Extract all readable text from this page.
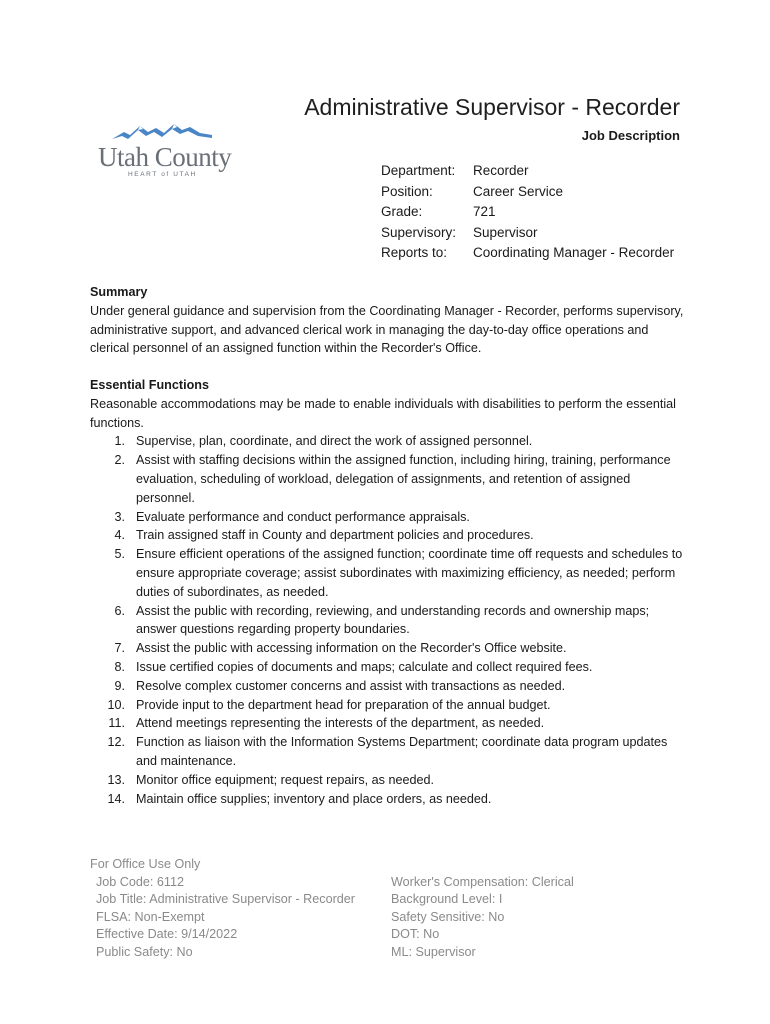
Utah County
HEART of UTAH
Administrative Supervisor - Recorder
Job Description
Department: Recorder
Position:	Career Service
Grade:	721
Supervisory: Supervisor
Reports to: Coordinating Manager - Recorder
Summary
Under general guidance and supervision from the Coordinating Manager - Recorder, performs supervisory, administrative support, and advanced clerical work in managing the day-to-day office operations and clerical personnel of an assigned function within the Recorder's Office.
Essential Functions
Reasonable accommodations may be made to enable individuals with disabilities to perform the essential functions.
1. Supervise, plan, coordinate, and direct the work of assigned personnel.
2. Assist with staffing decisions within the assigned function, including hiring, training, performance evaluation, scheduling of workload, delegation of assignments, and retention of assigned personnel.
3. Evaluate performance and conduct performance appraisals.
4. Train assigned staff in County and department policies and procedures.
5. Ensure efficient operations of the assigned function; coordinate time off requests and schedules to ensure appropriate coverage; assist subordinates with maximizing efficiency, as needed; perform duties of subordinates, as needed.
6. Assist the public with recording, reviewing, and understanding records and ownership maps; answer questions regarding property boundaries.
7. Assist the public with accessing information on the Recorder's Office website.
8. Issue certified copies of documents and maps; calculate and collect required fees.
9. Resolve complex customer concerns and assist with transactions as needed.
10. Provide input to the department head for preparation of the annual budget.
11. Attend meetings representing the interests of the department, as needed.
12. Function as liaison with the Information Systems Department; coordinate data program updates and maintenance.
13. Monitor office equipment; request repairs, as needed.
14. Maintain office supplies; inventory and place orders, as needed.
For Office Use Only
Job Code: 6112
Job Title: Administrative Supervisor - Recorder
FLSA: Non-Exempt
Effective Date: 9/14/2022
Public Safety: No
Worker's Compensation: Clerical
Background Level: I
Safety Sensitive: No
DOT: No
ML: Supervisor
